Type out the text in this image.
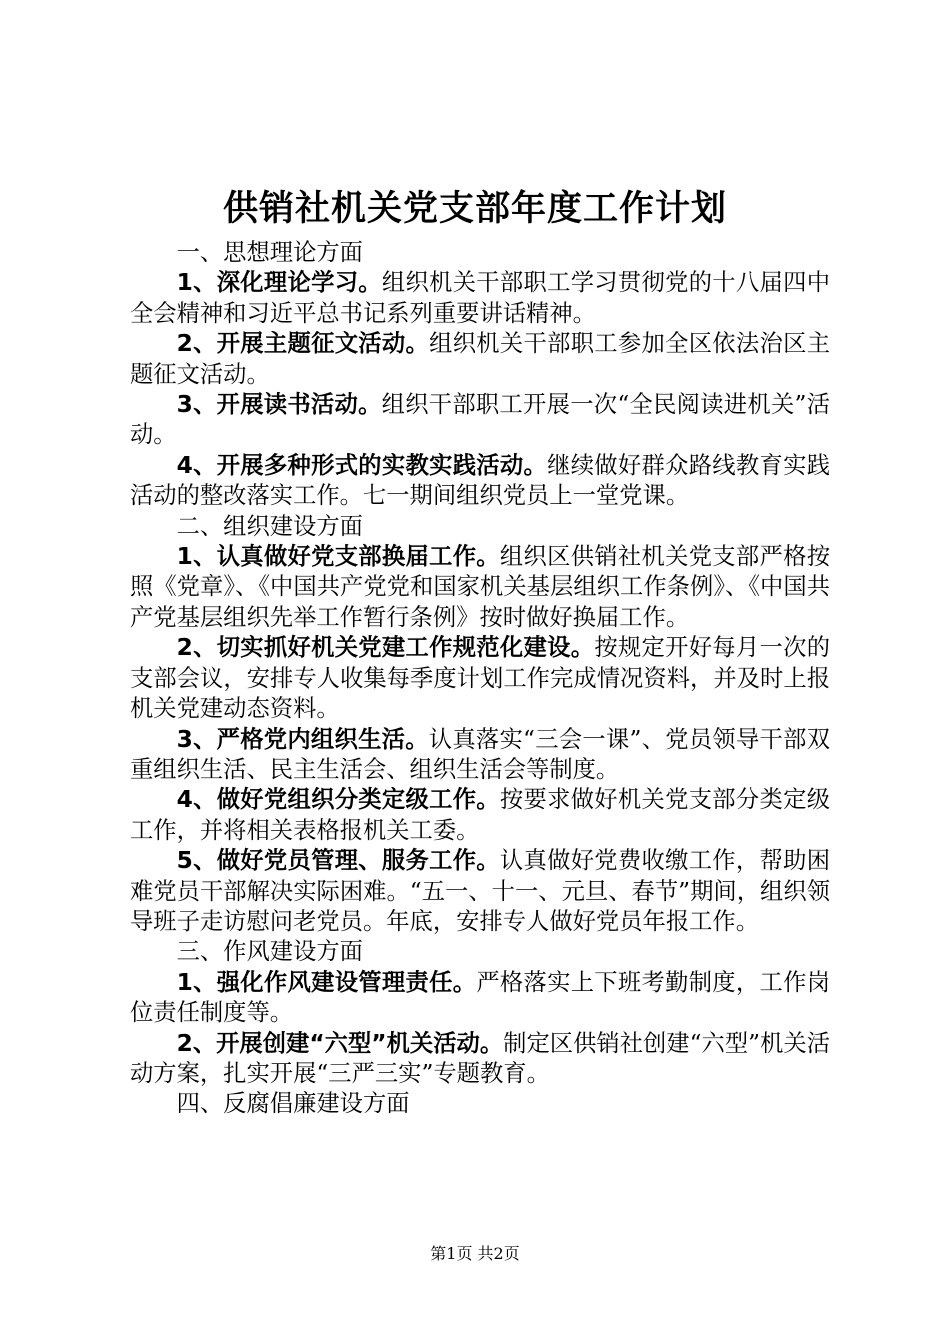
供销社机关党支部年度工作计划

一、思想理论方面

1、深化理论学习。组织机关干部职工学习贯彻党的十八届四中全会精神和习近平总书记系列重要讲话精神。

2、开展主题征文活动。组织机关干部职工参加全区依法治区主题征文活动。

3、开展读书活动。组织干部职工开展一次“全民阅读进机关”活动。

4、开展多种形式的实教实践活动。继续做好群众路线教育实践活动的整改落实工作。七一期间组织党员上一堂党课。

二、组织建设方面

1、认真做好党支部换届工作。组织区供销社机关党支部严格按照《党章》、《中国共产党党和国家机关基层组织工作条例》、《中国共产党基层组织先举工作暂行条例》按时做好换届工作。

2、切实抓好机关党建工作规范化建设。按规定开好每月一次的支部会议，安排专人收集每季度计划工作完成情况资料，并及时上报机关党建动态资料。

3、严格党内组织生活。认真落实“三会一课”、党员领导干部双重组织生活、民主生活会、组织生活会等制度。

4、做好党组织分类定级工作。按要求做好机关党支部分类定级工作，并将相关表格报机关工委。

5、做好党员管理、服务工作。认真做好党费收缴工作，帮助困难党员干部解决实际困难。“五一、十一、元旦、春节”期间，组织领导班子走访慰问老党员。年底，安排专人做好党员年报工作。

三、作风建设方面

1、强化作风建设管理责任。严格落实上下班考勤制度，工作岗位责任制度等。

2、开展创建“六型”机关活动。制定区供销社创建“六型”机关活动方案，扎实开展“三严三实”专题教育。

四、反腐倡廉建设方面

第1页 共2页
